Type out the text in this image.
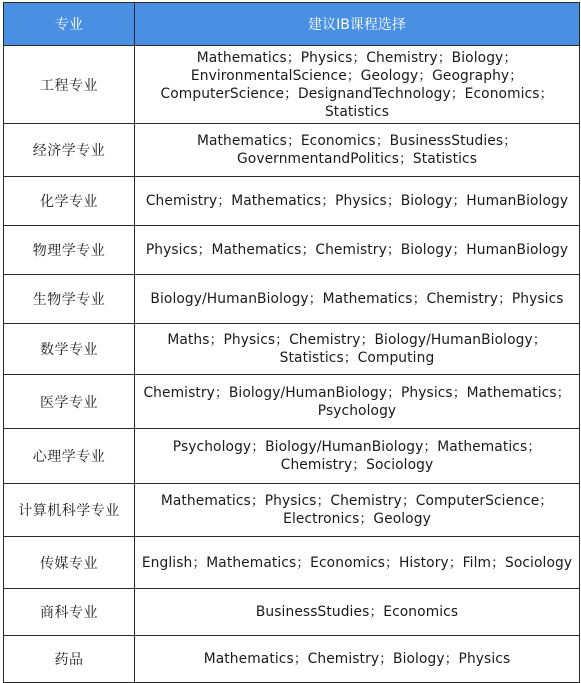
专业	建议IB课程选择
工程专业	Mathematics；Physics；Chemistry；Biology；EnvironmentalScience；Geology；Geography；ComputerScience；DesignandTechnology；Economics；Statistics
经济学专业	Mathematics；Economics；BusinessStudies；GovernmentandPolitics；Statistics
化学专业	Chemistry；Mathematics；Physics；Biology；HumanBiology
物理学专业	Physics；Mathematics；Chemistry；Biology；HumanBiology
生物学专业	Biology/HumanBiology；Mathematics；Chemistry；Physics
数学专业	Maths；Physics；Chemistry；Biology/HumanBiology；Statistics；Computing
医学专业	Chemistry；Biology/HumanBiology；Physics；Mathematics；Psychology
心理学专业	Psychology；Biology/HumanBiology；Mathematics；Chemistry；Sociology
计算机科学专业	Mathematics；Physics；Chemistry；ComputerScience；Electronics；Geology
传媒专业	English；Mathematics；Economics；History；Film；Sociology
商科专业	BusinessStudies；Economics
药品	Mathematics；Chemistry；Biology；Physics
